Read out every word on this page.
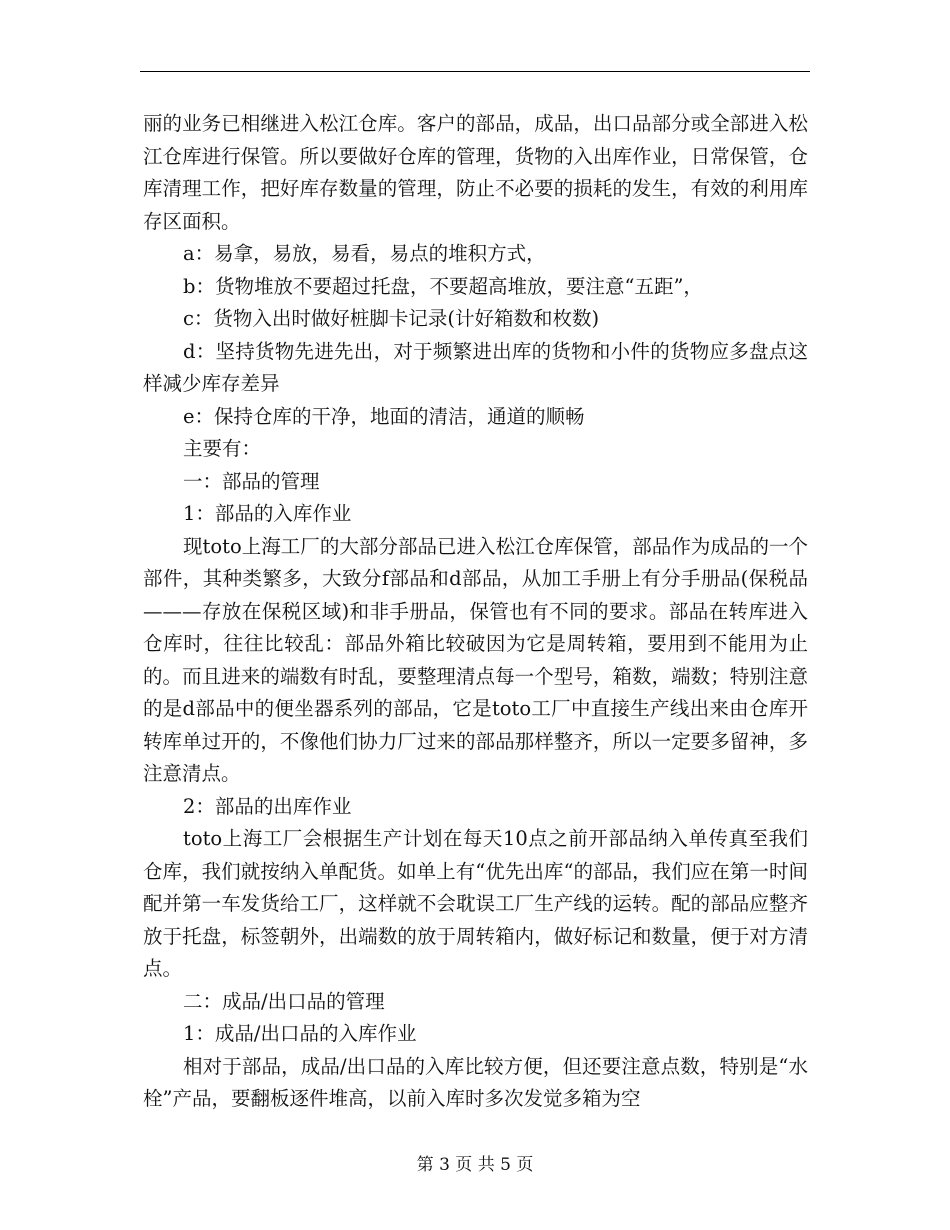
丽的业务已相继进入松江仓库。客户的部品，成品，出口品部分或全部进入松江仓库进行保管。所以要做好仓库的管理，货物的入出库作业，日常保管，仓库清理工作，把好库存数量的管理，防止不必要的损耗的发生，有效的利用库存区面积。

a：易拿，易放，易看，易点的堆积方式，

b：货物堆放不要超过托盘，不要超高堆放，要注意“五距”，

c：货物入出时做好桩脚卡记录(计好箱数和枚数)

d：坚持货物先进先出，对于频繁进出库的货物和小件的货物应多盘点这样减少库存差异

e：保持仓库的干净，地面的清洁，通道的顺畅

主要有：

一：部品的管理

1：部品的入库作业

现toto上海工厂的大部分部品已进入松江仓库保管，部品作为成品的一个部件，其种类繁多，大致分f部品和d部品，从加工手册上有分手册品(保税品———存放在保税区域)和非手册品，保管也有不同的要求。部品在转库进入仓库时，往往比较乱：部品外箱比较破因为它是周转箱，要用到不能用为止的。而且进来的端数有时乱，要整理清点每一个型号，箱数，端数；特别注意的是d部品中的便坐器系列的部品，它是toto工厂中直接生产线出来由仓库开转库单过开的，不像他们协力厂过来的部品那样整齐，所以一定要多留神，多注意清点。

2：部品的出库作业

toto上海工厂会根据生产计划在每天10点之前开部品纳入单传真至我们仓库，我们就按纳入单配货。如单上有“优先出库“的部品，我们应在第一时间配并第一车发货给工厂，这样就不会耽误工厂生产线的运转。配的部品应整齐放于托盘，标签朝外，出端数的放于周转箱内，做好标记和数量，便于对方清点。

二：成品/出口品的管理

1：成品/出口品的入库作业

相对于部品，成品/出口品的入库比较方便，但还要注意点数，特别是“水栓”产品，要翻板逐件堆高，以前入库时多次发觉多箱为空

第 3 页 共 5 页
